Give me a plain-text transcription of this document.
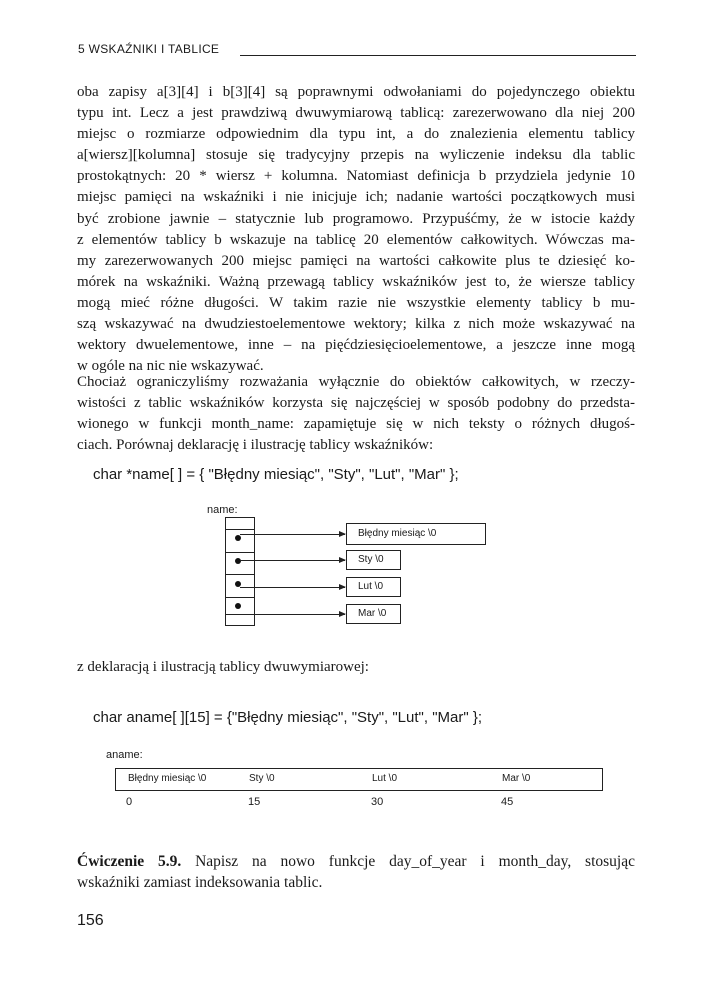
5 WSKAŹNIKI I TABLICE
oba zapisy a[3][4] i b[3][4] są poprawnymi odwołaniami do pojedynczego obiektu
typu int. Lecz a jest prawdziwą dwuwymiarową tablicą: zarezerwowano dla niej 200
miejsc o rozmiarze odpowiednim dla typu int, a do znalezienia elementu tablicy
a[wiersz][kolumna] stosuje się tradycyjny przepis na wyliczenie indeksu dla tablic
prostokątnych: 20 * wiersz + kolumna. Natomiast definicja b przydziela jedynie 10
miejsc pamięci na wskaźniki i nie inicjuje ich; nadanie wartości początkowych musi
być zrobione jawnie – statycznie lub programowo. Przypuśćmy, że w istocie każdy
z elementów tablicy b wskazuje na tablicę 20 elementów całkowitych. Wówczas ma-
my zarezerwowanych 200 miejsc pamięci na wartości całkowite plus te dziesięć ko-
mórek na wskaźniki. Ważną przewagą tablicy wskaźników jest to, że wiersze tablicy
mogą mieć różne długości. W takim razie nie wszystkie elementy tablicy b mu-
szą wskazywać na dwudziestoelementowe wektory; kilka z nich może wskazywać na
wektory dwuelementowe, inne – na pięćdziesięcioelementowe, a jeszcze inne mogą
w ogóle na nic nie wskazywać.
Chociaż ograniczyliśmy rozważania wyłącznie do obiektów całkowitych, w rzeczy-
wistości z tablic wskaźników korzysta się najczęściej w sposób podobny do przedsta-
wionego w funkcji month_name: zapamiętuje się w nich teksty o różnych długoś-
ciach. Porównaj deklarację i ilustrację tablicy wskaźników:
char *name[ ] = { "Błędny miesiąc", "Sty", "Lut", "Mar" };
name:
Błędny miesiąc \0
Sty \0
Lut \0
Mar \0
z deklaracją i ilustracją tablicy dwuwymiarowej:
char aname[ ][15] = {"Błędny miesiąc", "Sty", "Lut", "Mar" };
aname:
Błędny miesiąc \0	Sty \0	Lut \0	Mar \0
0	15	30	45
Ćwiczenie 5.9. Napisz na nowo funkcje day_of_year i month_day, stosując
wskaźniki zamiast indeksowania tablic.
156
